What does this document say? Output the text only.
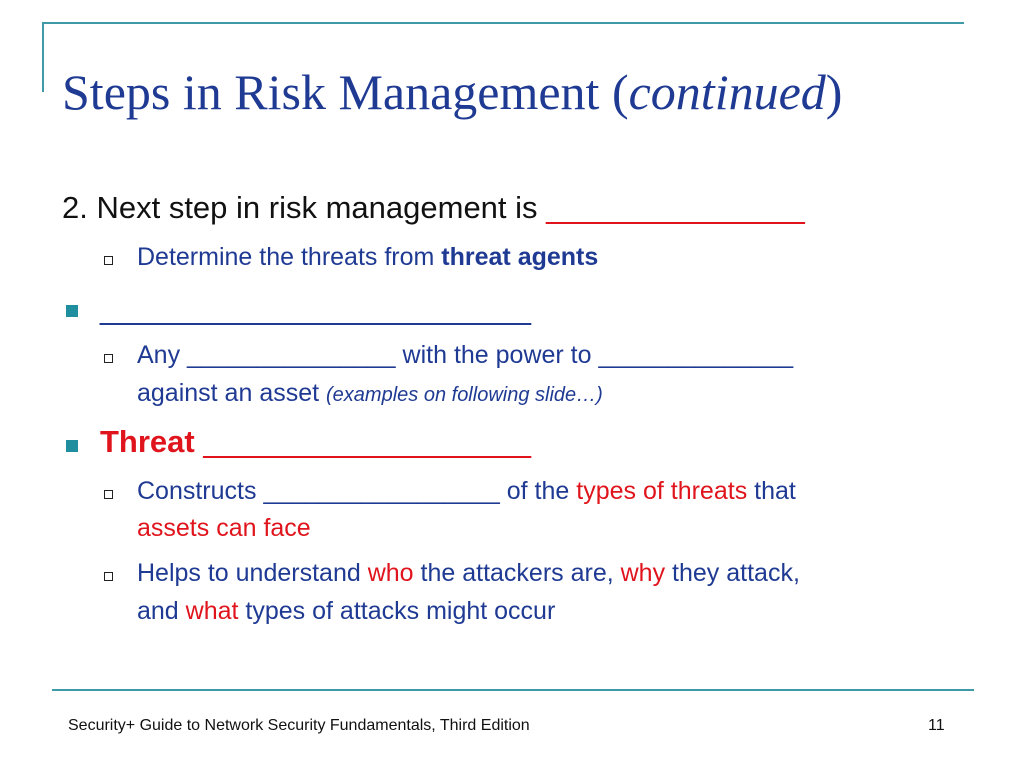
Steps in Risk Management (continued)
2. Next step in risk management is _______________
Determine the threats from threat agents
_________________________
Any _______________ with the power to ______________
against an asset (examples on following slide…)
Threat ___________________
Constructs _________________ of the types of threats that
assets can face
Helps to understand who the attackers are, why they attack,
and what types of attacks might occur
Security+ Guide to Network Security Fundamentals, Third Edition	11
